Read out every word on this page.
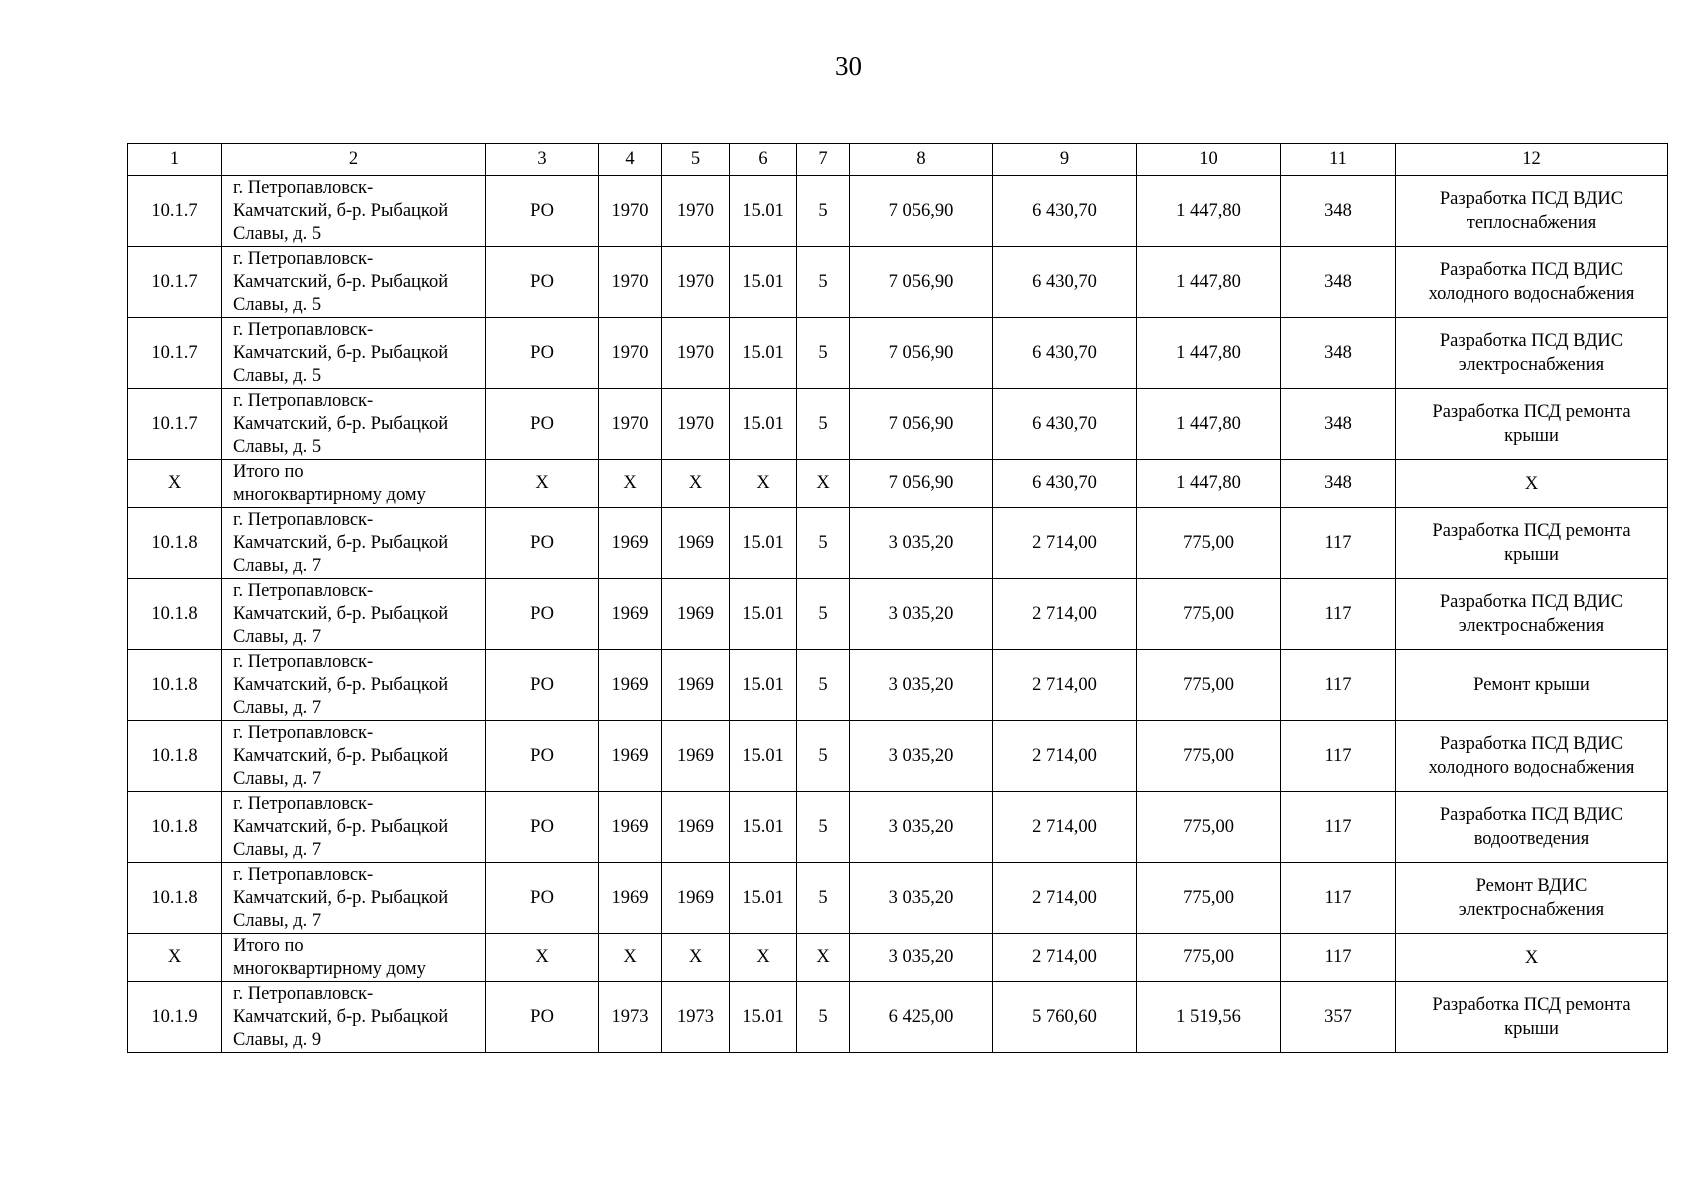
30
1	2	3	4	5	6	7	8	9	10	11	12
10.1.7	г. Петропавловск-
Камчатский, б-р. Рыбацкой
Славы, д. 5	РО	1970	1970	15.01	5	7 056,90	6 430,70	1 447,80	348	Разработка ПСД ВДИС
теплоснабжения

10.1.7	г. Петропавловск-
Камчатский, б-р. Рыбацкой
Славы, д. 5	РО	1970	1970	15.01	5	7 056,90	6 430,70	1 447,80	348	Разработка ПСД ВДИС
холодного водоснабжения

10.1.7	г. Петропавловск-
Камчатский, б-р. Рыбацкой
Славы, д. 5	РО	1970	1970	15.01	5	7 056,90	6 430,70	1 447,80	348	Разработка ПСД ВДИС
электроснабжения

10.1.7	г. Петропавловск-
Камчатский, б-р. Рыбацкой
Славы, д. 5	РО	1970	1970	15.01	5	7 056,90	6 430,70	1 447,80	348	Разработка ПСД ремонта
крыши

Х	Итого по
многоквартирному дому	Х	Х	Х	Х	Х	7 056,90	6 430,70	1 447,80	348	Х

10.1.8	г. Петропавловск-
Камчатский, б-р. Рыбацкой
Славы, д. 7	РО	1969	1969	15.01	5	3 035,20	2 714,00	775,00	117	Разработка ПСД ремонта
крыши

10.1.8	г. Петропавловск-
Камчатский, б-р. Рыбацкой
Славы, д. 7	РО	1969	1969	15.01	5	3 035,20	2 714,00	775,00	117	Разработка ПСД ВДИС
электроснабжения

10.1.8	г. Петропавловск-
Камчатский, б-р. Рыбацкой
Славы, д. 7	РО	1969	1969	15.01	5	3 035,20	2 714,00	775,00	117	Ремонт крыши

10.1.8	г. Петропавловск-
Камчатский, б-р. Рыбацкой
Славы, д. 7	РО	1969	1969	15.01	5	3 035,20	2 714,00	775,00	117	Разработка ПСД ВДИС
холодного водоснабжения

10.1.8	г. Петропавловск-
Камчатский, б-р. Рыбацкой
Славы, д. 7	РО	1969	1969	15.01	5	3 035,20	2 714,00	775,00	117	Разработка ПСД ВДИС
водоотведения

10.1.8	г. Петропавловск-
Камчатский, б-р. Рыбацкой
Славы, д. 7	РО	1969	1969	15.01	5	3 035,20	2 714,00	775,00	117	Ремонт ВДИС
электроснабжения

Х	Итого по
многоквартирному дому	Х	Х	Х	Х	Х	3 035,20	2 714,00	775,00	117	Х

10.1.9	г. Петропавловск-
Камчатский, б-р. Рыбацкой
Славы, д. 9	РО	1973	1973	15.01	5	6 425,00	5 760,60	1 519,56	357	Разработка ПСД ремонта
крыши
